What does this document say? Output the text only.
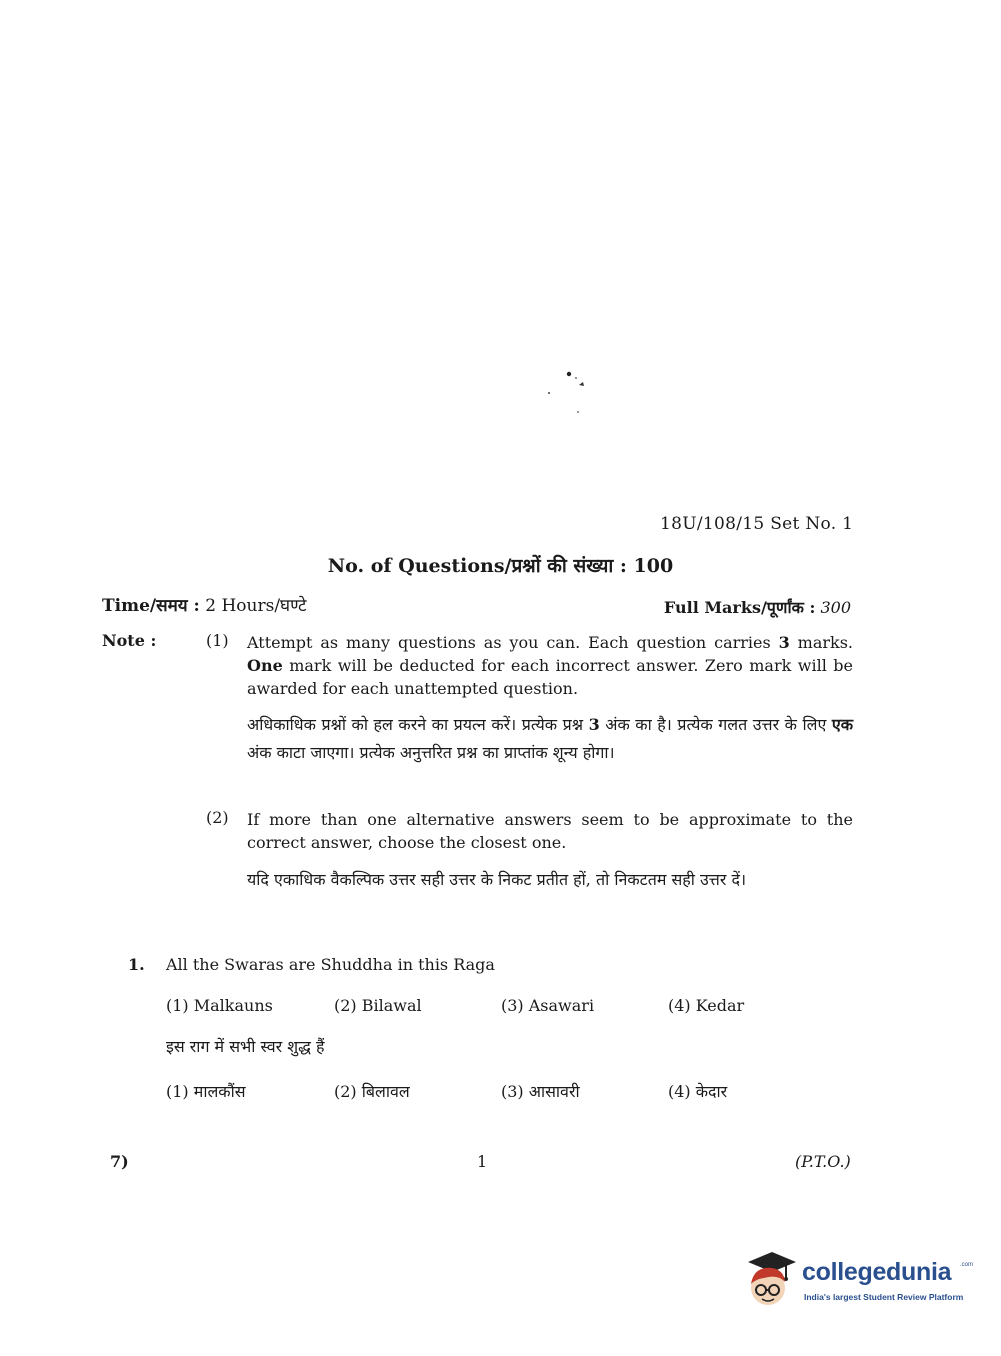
18U/108/15 Set No. 1
No. of Questions/प्रश्नों की संख्या : 100
Time/समय : 2 Hours/घण्टे	Full Marks/पूर्णांक : 300
Note :	(1) Attempt as many questions as you can. Each question carries 3 marks. One mark will be deducted for each incorrect answer. Zero mark will be awarded for each unattempted question.
अधिकाधिक प्रश्नों को हल करने का प्रयत्न करें। प्रत्येक प्रश्न 3 अंक का है। प्रत्येक गलत उत्तर के लिए एक अंक काटा जाएगा। प्रत्येक अनुत्तरित प्रश्न का प्राप्तांक शून्य होगा।
(2) If more than one alternative answers seem to be approximate to the correct answer, choose the closest one.
यदि एकाधिक वैकल्पिक उत्तर सही उत्तर के निकट प्रतीत हों, तो निकटतम सही उत्तर दें।
1. All the Swaras are Shuddha in this Raga
(1) Malkauns	(2) Bilawal	(3) Asawari	(4) Kedar
इस राग में सभी स्वर शुद्ध हैं
(1) मालकौंस	(2) बिलावल	(3) आसावरी	(4) केदार
7)	1	(P.T.O.)
collegedunia .com
India's largest Student Review Platform
